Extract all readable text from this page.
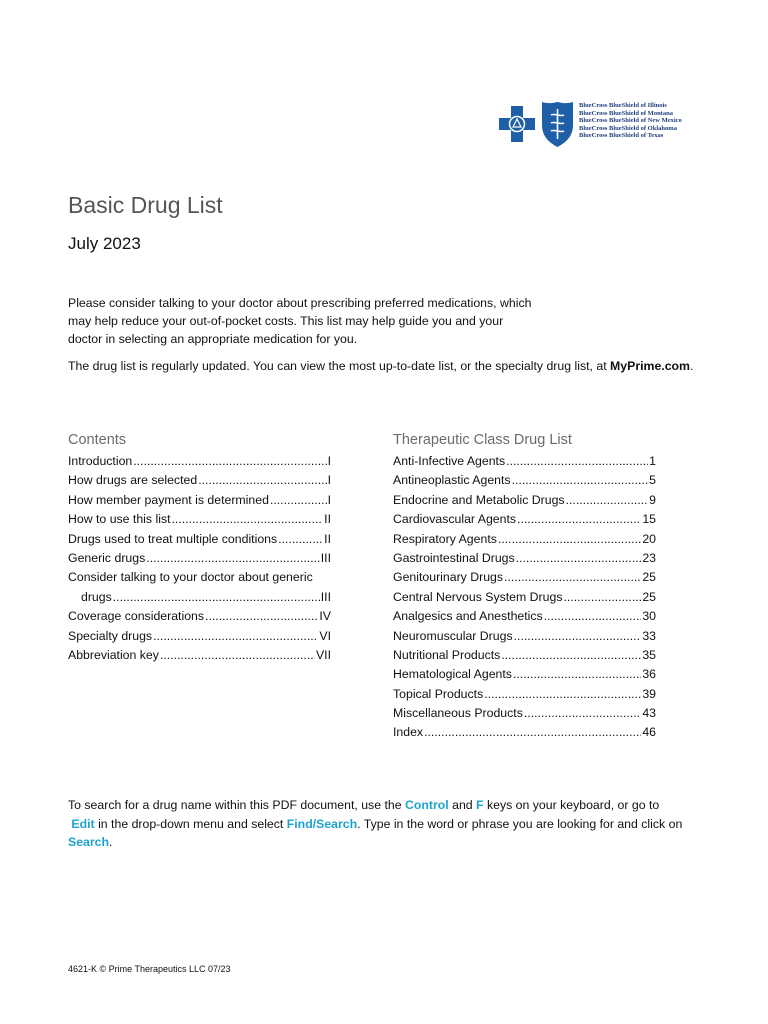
BlueCross BlueShield of Illinois
BlueCross BlueShield of Montana
BlueCross BlueShield of New Mexico
BlueCross BlueShield of Oklahoma
BlueCross BlueShield of Texas
Basic Drug List
July 2023
Please consider talking to your doctor about prescribing preferred medications, which may help reduce your out-of-pocket costs. This list may help guide you and your doctor in selecting an appropriate medication for you.
The drug list is regularly updated. You can view the most up-to-date list, or the specialty drug list, at MyPrime.com.
Contents
Introduction .....	I
How drugs are selected .....	I
How member payment is determined .....	I
How to use this list .....	II
Drugs used to treat multiple conditions .....	II
Generic drugs .....	III
Consider talking to your doctor about generic
drugs .....	III
Coverage considerations .....	IV
Specialty drugs .....	VI
Abbreviation key .....	VII
Therapeutic Class Drug List
Anti-Infective Agents .....	1
Antineoplastic Agents .....	5
Endocrine and Metabolic Drugs .....	9
Cardiovascular Agents .....	15
Respiratory Agents .....	20
Gastrointestinal Drugs .....	23
Genitourinary Drugs .....	25
Central Nervous System Drugs .....	25
Analgesics and Anesthetics .....	30
Neuromuscular Drugs .....	33
Nutritional Products .....	35
Hematological Agents .....	36
Topical Products .....	39
Miscellaneous Products .....	43
Index .....	46
To search for a drug name within this PDF document, use the Control and F keys on your keyboard, or go to
Edit in the drop-down menu and select Find/Search. Type in the word or phrase you are looking for and click on Search.
4621-K © Prime Therapeutics LLC 07/23
